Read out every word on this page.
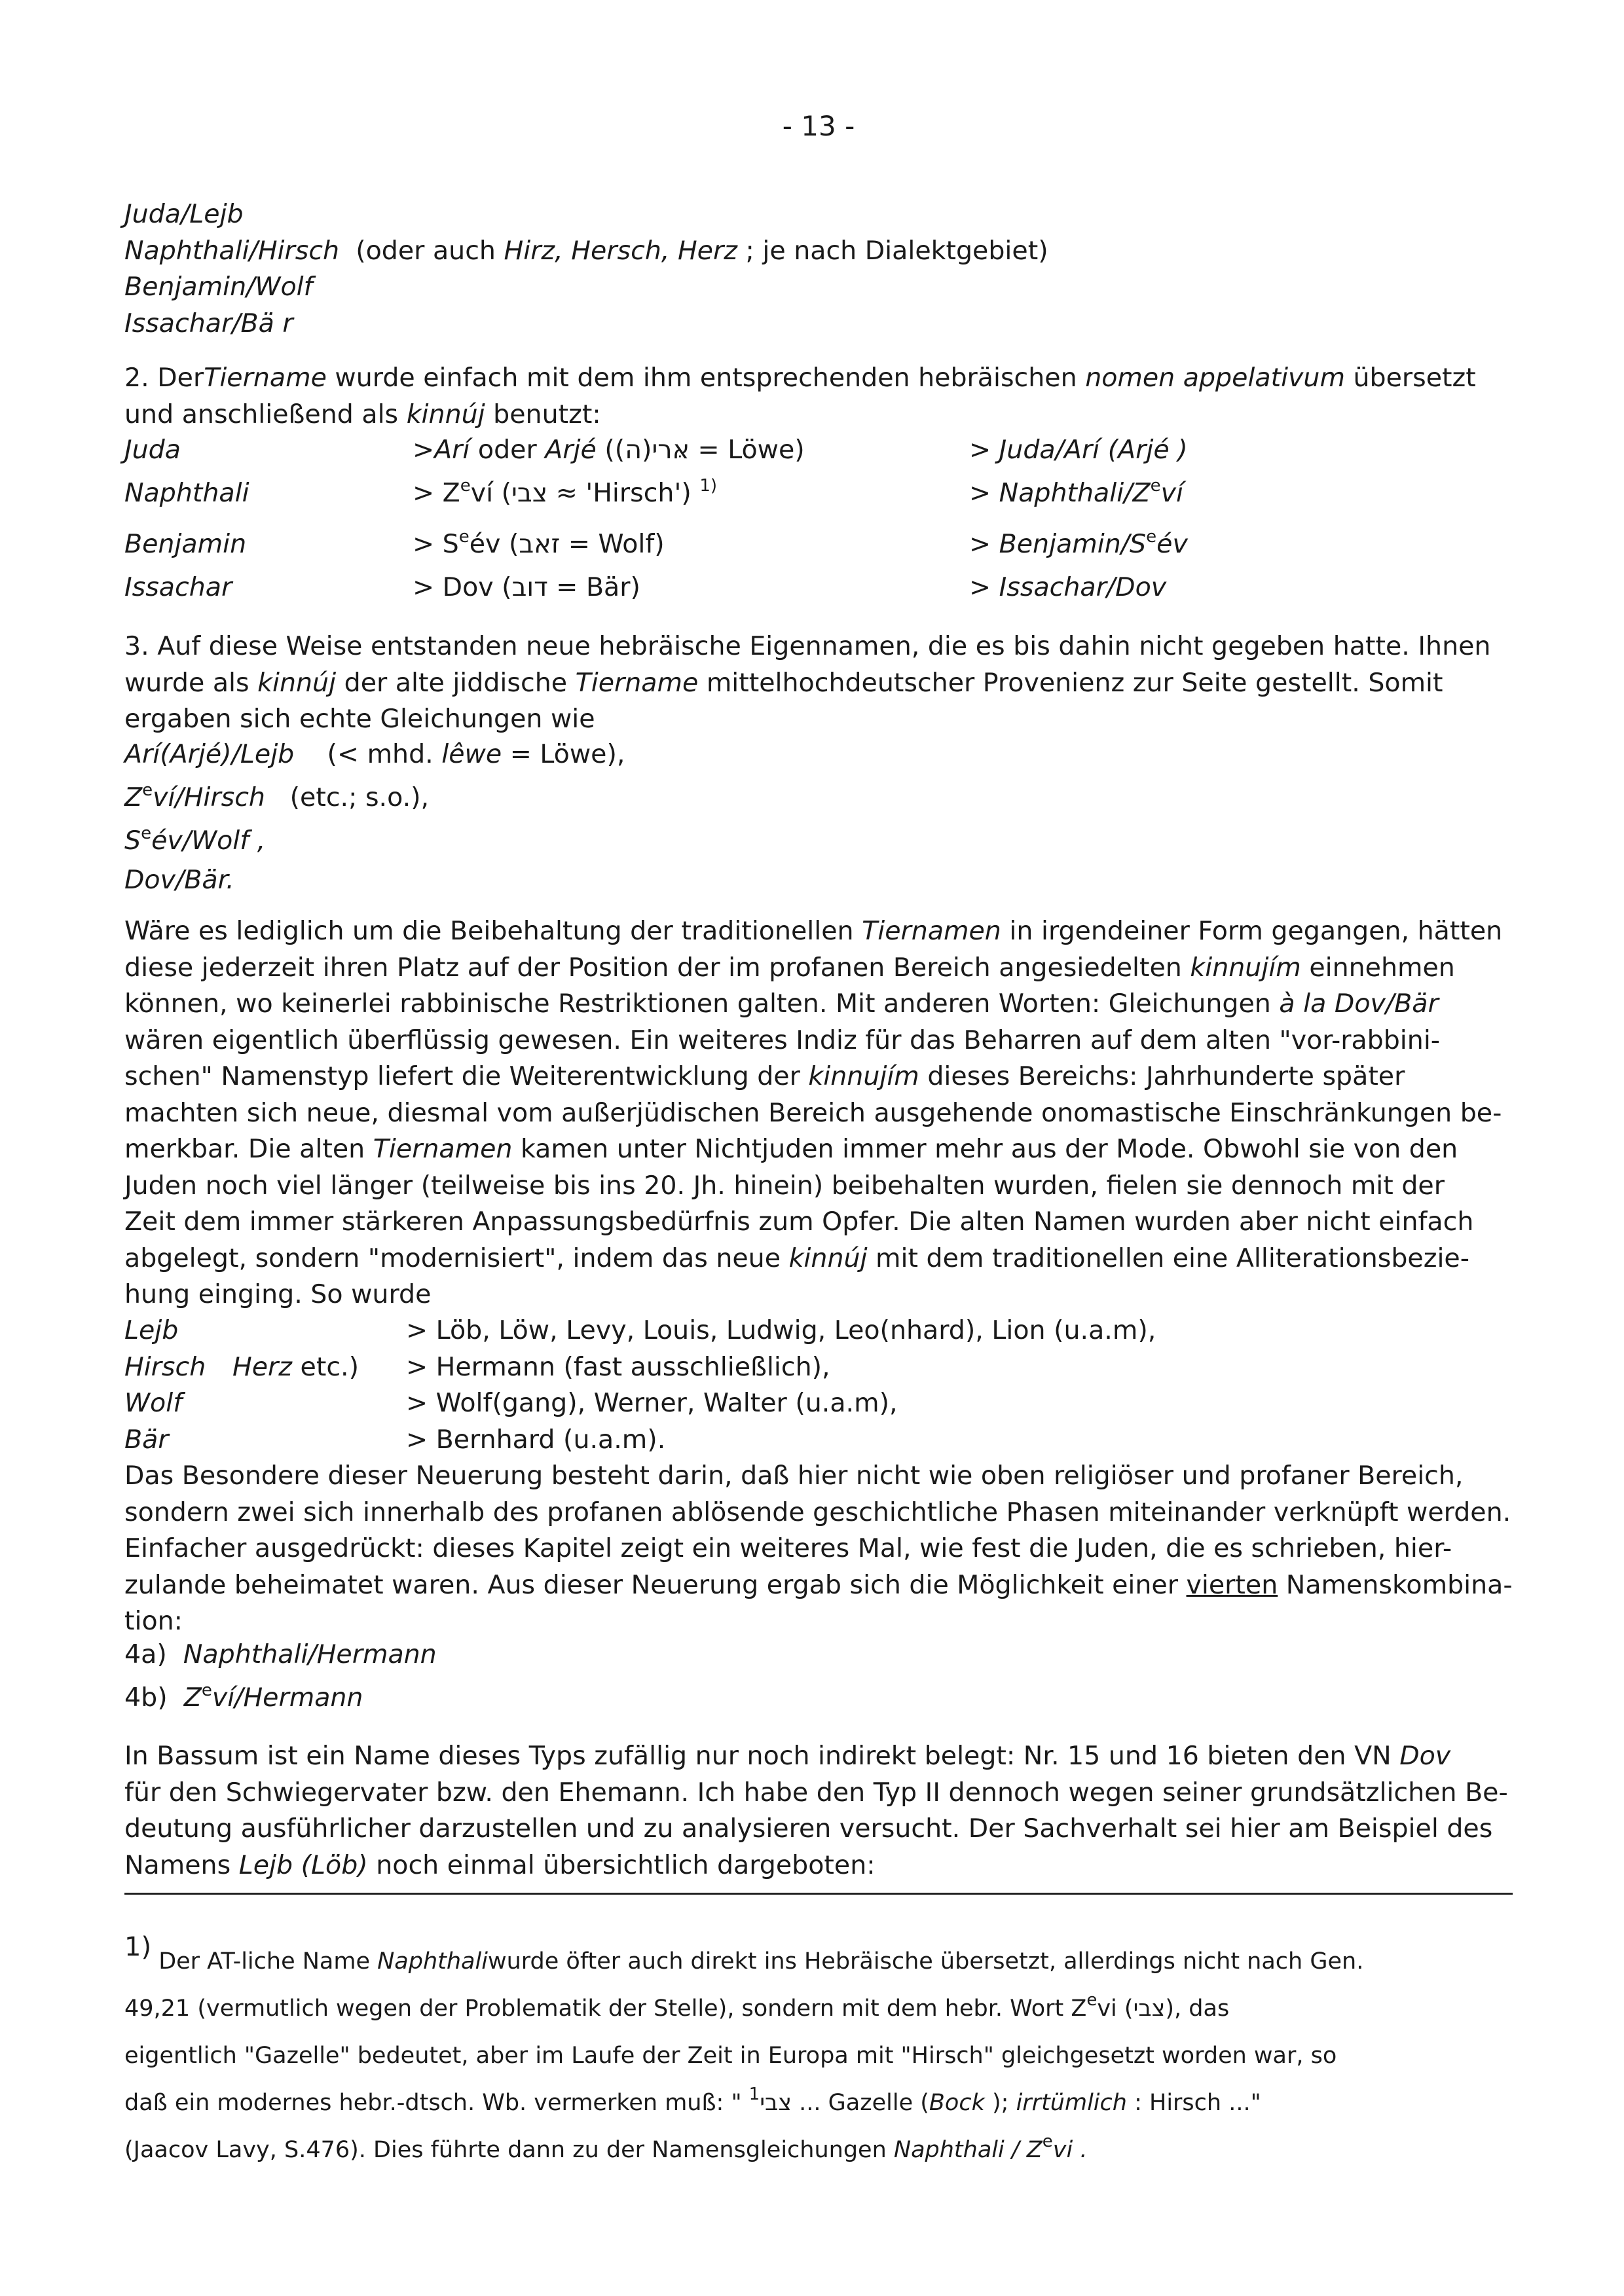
- 13 -
Juda/Lejb
Naphthali/Hirsch (oder auch Hirz, Hersch, Herz ; je nach Dialektgebiet)
Benjamin/Wolf
Issachar/Bä r
2. DerTiername wurde einfach mit dem ihm entsprechenden hebräischen nomen appelativum übersetzt
und anschließend als kinnúj benutzt:
Juda	>Arí oder Arjé ((ה)אּרי = Löwe)	> Juda/Arí (Arjé )
Naphthali	> $Z^eví$ (צבי ≈ 'Hirsch') $^{1)}$	> Naphthali/$Z^eví$
Benjamin	> $S^eév$ (זאב = Wolf)	> Benjamin/$S^eév$
Issachar	> Dov (דוב = Bär)	> Issachar/Dov
3. Auf diese Weise entstanden neue hebräische Eigennamen, die es bis dahin nicht gegeben hatte. Ihnen
wurde als kinnúj der alte jiddische Tiername mittelhochdeutscher Provenienz zur Seite gestellt. Somit
ergaben sich echte Gleichungen wie
Arí(Arjé)/Lejb (< mhd. lêwe = Löwe),
$Z^eví$/Hirsch (etc.; s.o.),
$S^eév$/Wolf ,
Dov/Bär.
Wäre es lediglich um die Beibehaltung der traditionellen Tiernamen in irgendeiner Form gegangen, hätten
diese jederzeit ihren Platz auf der Position der im profanen Bereich angesiedelten kinnujím einnehmen
können, wo keinerlei rabbinische Restriktionen galten. Mit anderen Worten: Gleichungen à la Dov/Bär
wären eigentlich überflüssig gewesen. Ein weiteres Indiz für das Beharren auf dem alten "vor-rabbini-
schen" Namenstyp liefert die Weiterentwicklung der kinnujím dieses Bereichs: Jahrhunderte später
machten sich neue, diesmal vom außerjüdischen Bereich ausgehende onomastische Einschränkungen be-
merkbar. Die alten Tiernamen kamen unter Nichtjuden immer mehr aus der Mode. Obwohl sie von den
Juden noch viel länger (teilweise bis ins 20. Jh. hinein) beibehalten wurden, fielen sie dennoch mit der
Zeit dem immer stärkeren Anpassungsbedürfnis zum Opfer. Die alten Namen wurden aber nicht einfach
abgelegt, sondern "modernisiert", indem das neue kinnúj mit dem traditionellen eine Alliterationsbezie-
hung einging. So wurde
Lejb	> Löb, Löw, Levy, Louis, Ludwig, Leo(nhard), Lion (u.a.m),
Hirsch Herz etc.) > Hermann (fast ausschließlich),
Wolf	> Wolf(gang), Werner, Walter (u.a.m),
Bär	> Bernhard (u.a.m).
Das Besondere dieser Neuerung besteht darin, daß hier nicht wie oben religiöser und profaner Bereich,
sondern zwei sich innerhalb des profanen ablösende geschichtliche Phasen miteinander verknüpft werden.
Einfacher ausgedrückt: dieses Kapitel zeigt ein weiteres Mal, wie fest die Juden, die es schrieben, hier-
zulande beheimatet waren. Aus dieser Neuerung ergab sich die Möglichkeit einer vierten Namenskombina-
tion:
4a) Naphthali/Hermann
4b) $Z^eví$/Hermann
In Bassum ist ein Name dieses Typs zufällig nur noch indirekt belegt: Nr. 15 und 16 bieten den VN Dov
für den Schwiegervater bzw. den Ehemann. Ich habe den Typ II dennoch wegen seiner grundsätzlichen Be-
deutung ausführlicher darzustellen und zu analysieren versucht. Der Sachverhalt sei hier am Beispiel des
Namens Lejb (Löb) noch einmal übersichtlich dargeboten:
$^{1)}$ Der AT-liche Name Naphthaliwurde öfter auch direkt ins Hebräische übersetzt, allerdings nicht nach Gen.
49,21 (vermutlich wegen der Problematik der Stelle), sondern mit dem hebr. Wort $Z^evi$ (צבי), das
eigentlich "Gazelle" bedeutet, aber im Laufe der Zeit in Europa mit "Hirsch" gleichgesetzt worden war, so
daß ein modernes hebr.-dtsch. Wb. vermerken muß: " $^1$צבי ... Gazelle (Bock ); irrtümlich : Hirsch ..."
(Jaacov Lavy, S.476). Dies führte dann zu der Namensgleichungen Naphthali / $Z^evi$ .
